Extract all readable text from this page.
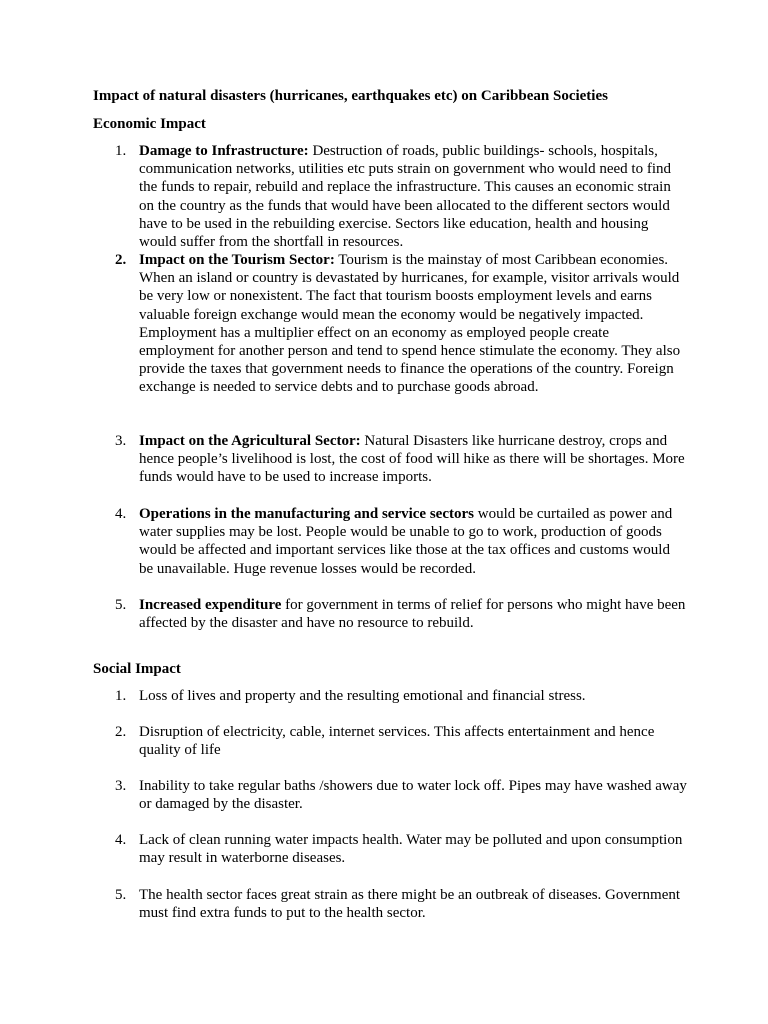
Impact of natural disasters (hurricanes, earthquakes etc) on Caribbean Societies
Economic Impact
1. Damage to Infrastructure: Destruction of roads, public buildings- schools, hospitals, communication networks, utilities etc puts strain on government who would need to find the funds to repair, rebuild and replace the infrastructure. This causes an economic strain on the country as the funds that would have been allocated to the different sectors would have to be used in the rebuilding exercise. Sectors like education, health and housing would suffer from the shortfall in resources.
2. Impact on the Tourism Sector: Tourism is the mainstay of most Caribbean economies. When an island or country is devastated by hurricanes, for example, visitor arrivals would be very low or nonexistent. The fact that tourism boosts employment levels and earns valuable foreign exchange would mean the economy would be negatively impacted. Employment has a multiplier effect on an economy as employed people create employment for another person and tend to spend hence stimulate the economy. They also provide the taxes that government needs to finance the operations of the country. Foreign exchange is needed to service debts and to purchase goods abroad.
3. Impact on the Agricultural Sector: Natural Disasters like hurricane destroy, crops and hence people’s livelihood is lost, the cost of food will hike as there will be shortages. More funds would have to be used to increase imports.
4. Operations in the manufacturing and service sectors would be curtailed as power and water supplies may be lost. People would be unable to go to work, production of goods would be affected and important services like those at the tax offices and customs would be unavailable. Huge revenue losses would be recorded.
5. Increased expenditure for government in terms of relief for persons who might have been affected by the disaster and have no resource to rebuild.
Social Impact
1. Loss of lives and property and the resulting emotional and financial stress.
2. Disruption of electricity, cable, internet services. This affects entertainment and hence quality of life
3. Inability to take regular baths /showers due to water lock off. Pipes may have washed away or damaged by the disaster.
4. Lack of clean running water impacts health. Water may be polluted and upon consumption may result in waterborne diseases.
5. The health sector faces great strain as there might be an outbreak of diseases. Government must find extra funds to put to the health sector.
